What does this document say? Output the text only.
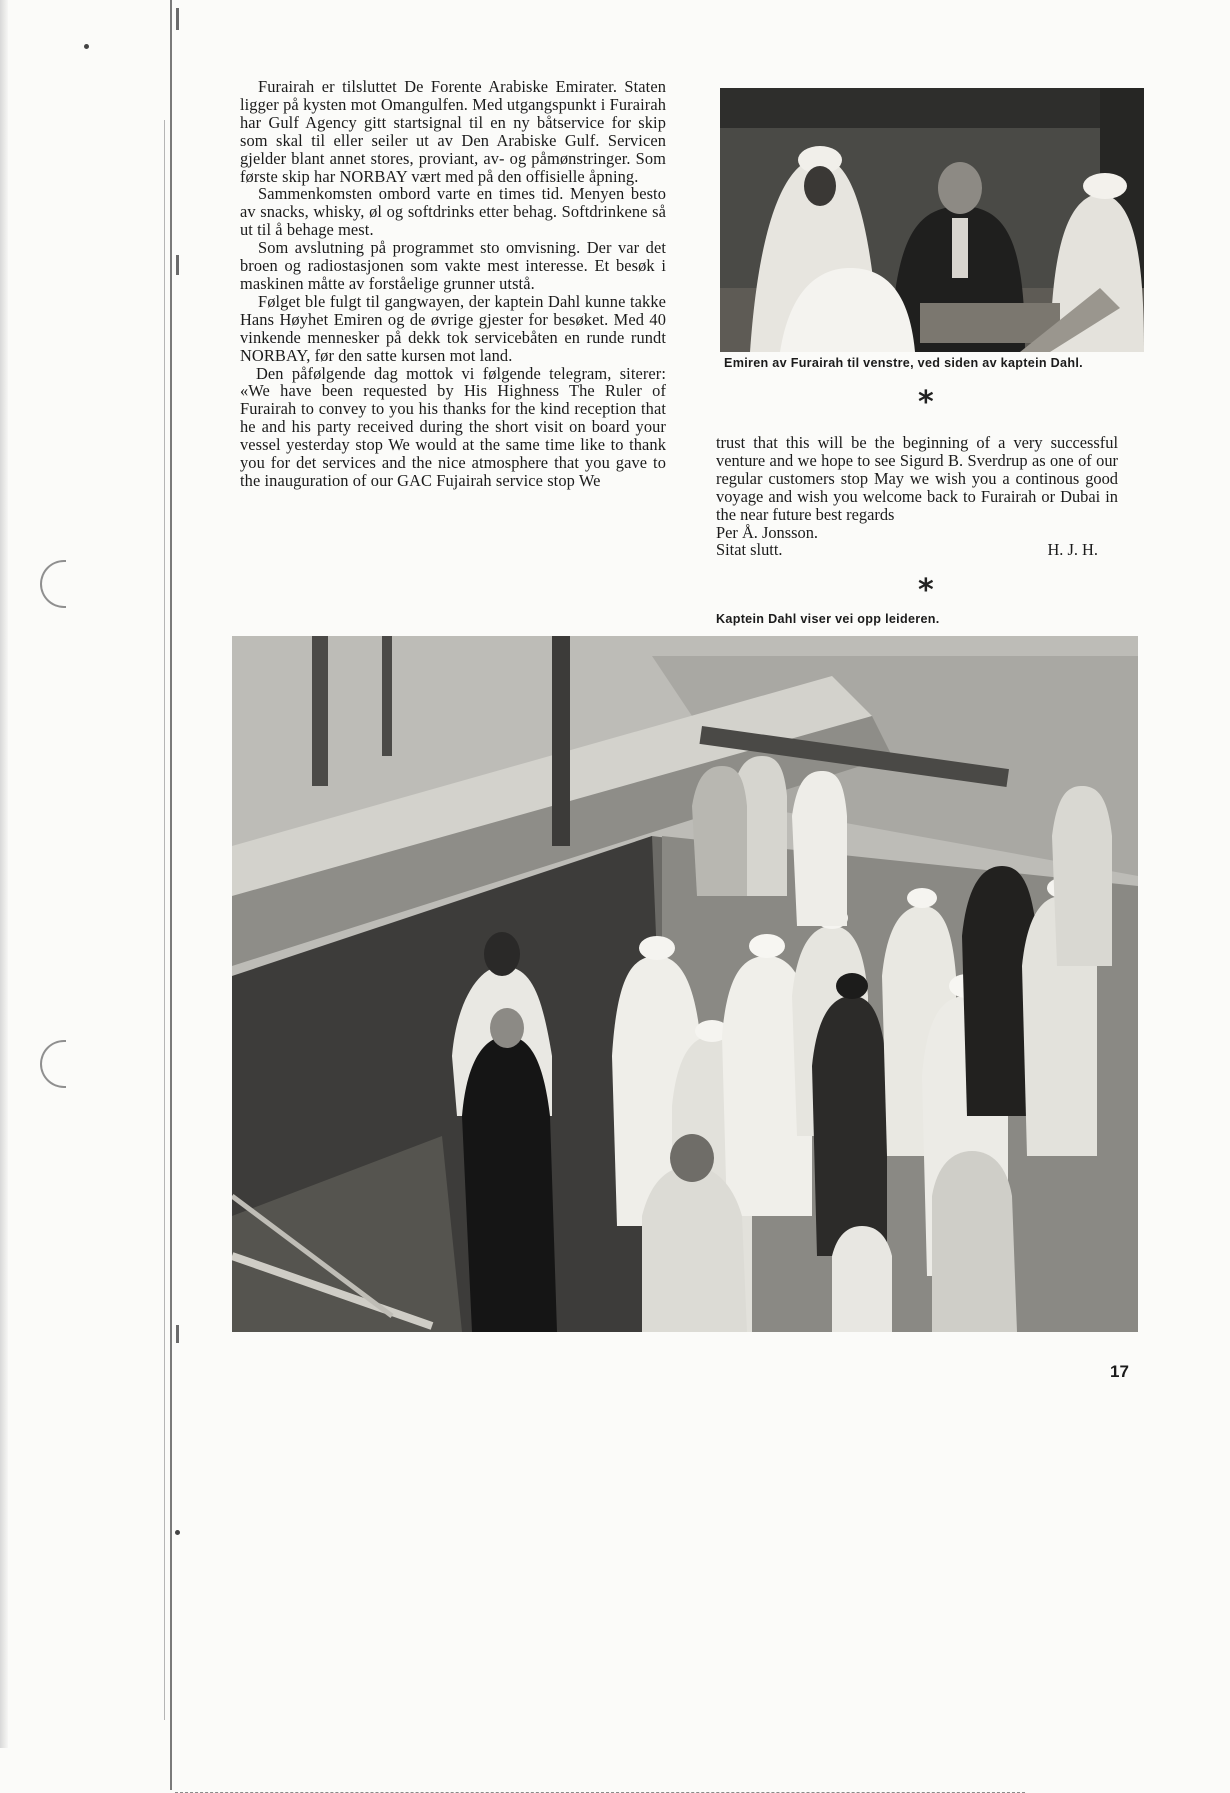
Furairah er tilsluttet De Forente Arabiske Emirater. Staten ligger på kysten mot Omangulfen. Med utgangspunkt i Furairah har Gulf Agency gitt startsignal til en ny båtservice for skip som skal til eller seiler ut av Den Arabiske Gulf. Servicen gjelder blant annet stores, proviant, av- og påmønstringer. Som første skip har NORBAY vært med på den offisielle åpning.

Sammenkomsten ombord varte en times tid. Menyen besto av snacks, whisky, øl og softdrinks etter behag. Softdrinkene så ut til å behage mest.

Som avslutning på programmet sto omvisning. Der var det broen og radiostasjonen som vakte mest interesse. Et besøk i maskinen måtte av forståelige grunner utstå.

Følget ble fulgt til gangwayen, der kaptein Dahl kunne takke Hans Høyhet Emiren og de øvrige gjester for besøket. Med 40 vinkende mennesker på dekk tok servicebåten en runde rundt NORBAY, før den satte kursen mot land.

Den påfølgende dag mottok vi følgende telegram, siterer: «We have been requested by His Highness The Ruler of Furairah to convey to you his thanks for the kind reception that he and his party received during the short visit on board your vessel yesterday stop We would at the same time like to thank you for det services and the nice atmosphere that you gave to the inauguration of our GAC Fujairah service stop We

Emiren av Furairah til venstre, ved siden av kaptein Dahl.
*

trust that this will be the beginning of a very successful venture and we hope to see Sigurd B. Sverdrup as one of our regular customers stop May we wish you a continous good voyage and wish you welcome back to Furairah or Dubai in the near future best regards

Per Å. Jonsson.

Sitat slutt.	H. J. H.
*
Kaptein Dahl viser vei opp leideren.
17
